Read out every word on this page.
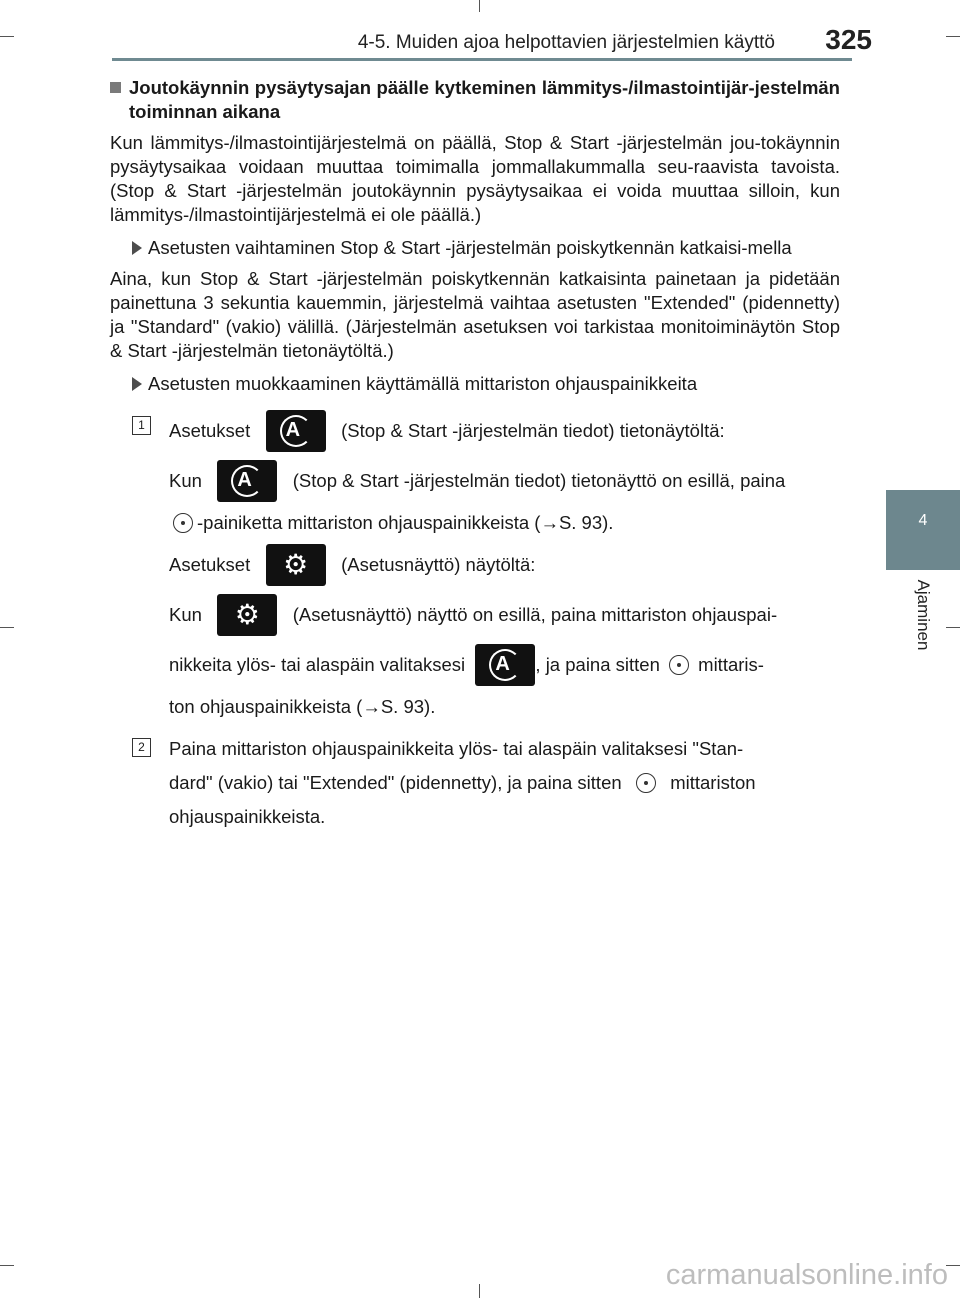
4-5. Muiden ajoa helpottavien järjestelmien käyttö 325
4
Ajaminen
Joutokäynnin pysäytysajan päälle kytkeminen lämmitys-/ilmastointijär-jestelmän toiminnan aikana

Kun lämmitys-/ilmastointijärjestelmä on päällä, Stop & Start -järjestelmän jou-tokäynnin pysäytysaikaa voidaan muuttaa toimimalla jommallakummalla seu-raavista tavoista. (Stop & Start -järjestelmän joutokäynnin pysäytysaikaa ei voida muuttaa silloin, kun lämmitys-/ilmastointijärjestelmä ei ole päällä.)

Asetusten vaihtaminen Stop & Start -järjestelmän poiskytkennän katkaisi-mella

Aina, kun Stop & Start -järjestelmän poiskytkennän katkaisinta painetaan ja pidetään painettuna 3 sekuntia kauemmin, järjestelmä vaihtaa asetusten "Extended" (pidennetty) ja "Standard" (vakio) välillä. (Järjestelmän asetuksen voi tarkistaa monitoiminäytön Stop & Start -järjestelmän tietonäytöltä.)

Asetusten muokkaaminen käyttämällä mittariston ohjauspainikkeita
1	Asetukset
A
(Stop & Start -järjestelmän tiedot) tietonäytöltä:
Kun
A
(Stop & Start -järjestelmän tiedot) tietonäyttö on esillä, paina
-painiketta mittariston ohjauspainikkeista (→S. 93).
Asetukset
	⚙
	(Asetusnäyttö) näytöltä:
Kun
	⚙
	(Asetusnäyttö) näyttö on esillä, paina mittariston ohjauspai-
nikkeita ylös- tai alaspäin valitaksesi
A , ja paina sitten

mittaris-
ton ohjauspainikkeista (→S. 93).
2	Paina mittariston ohjauspainikkeita ylös- tai alaspäin valitaksesi "Stan-
dard" (vakio) tai "Extended" (pidennetty), ja paina sitten

	mittariston
ohjauspainikkeista.
carmanualsonline.info
